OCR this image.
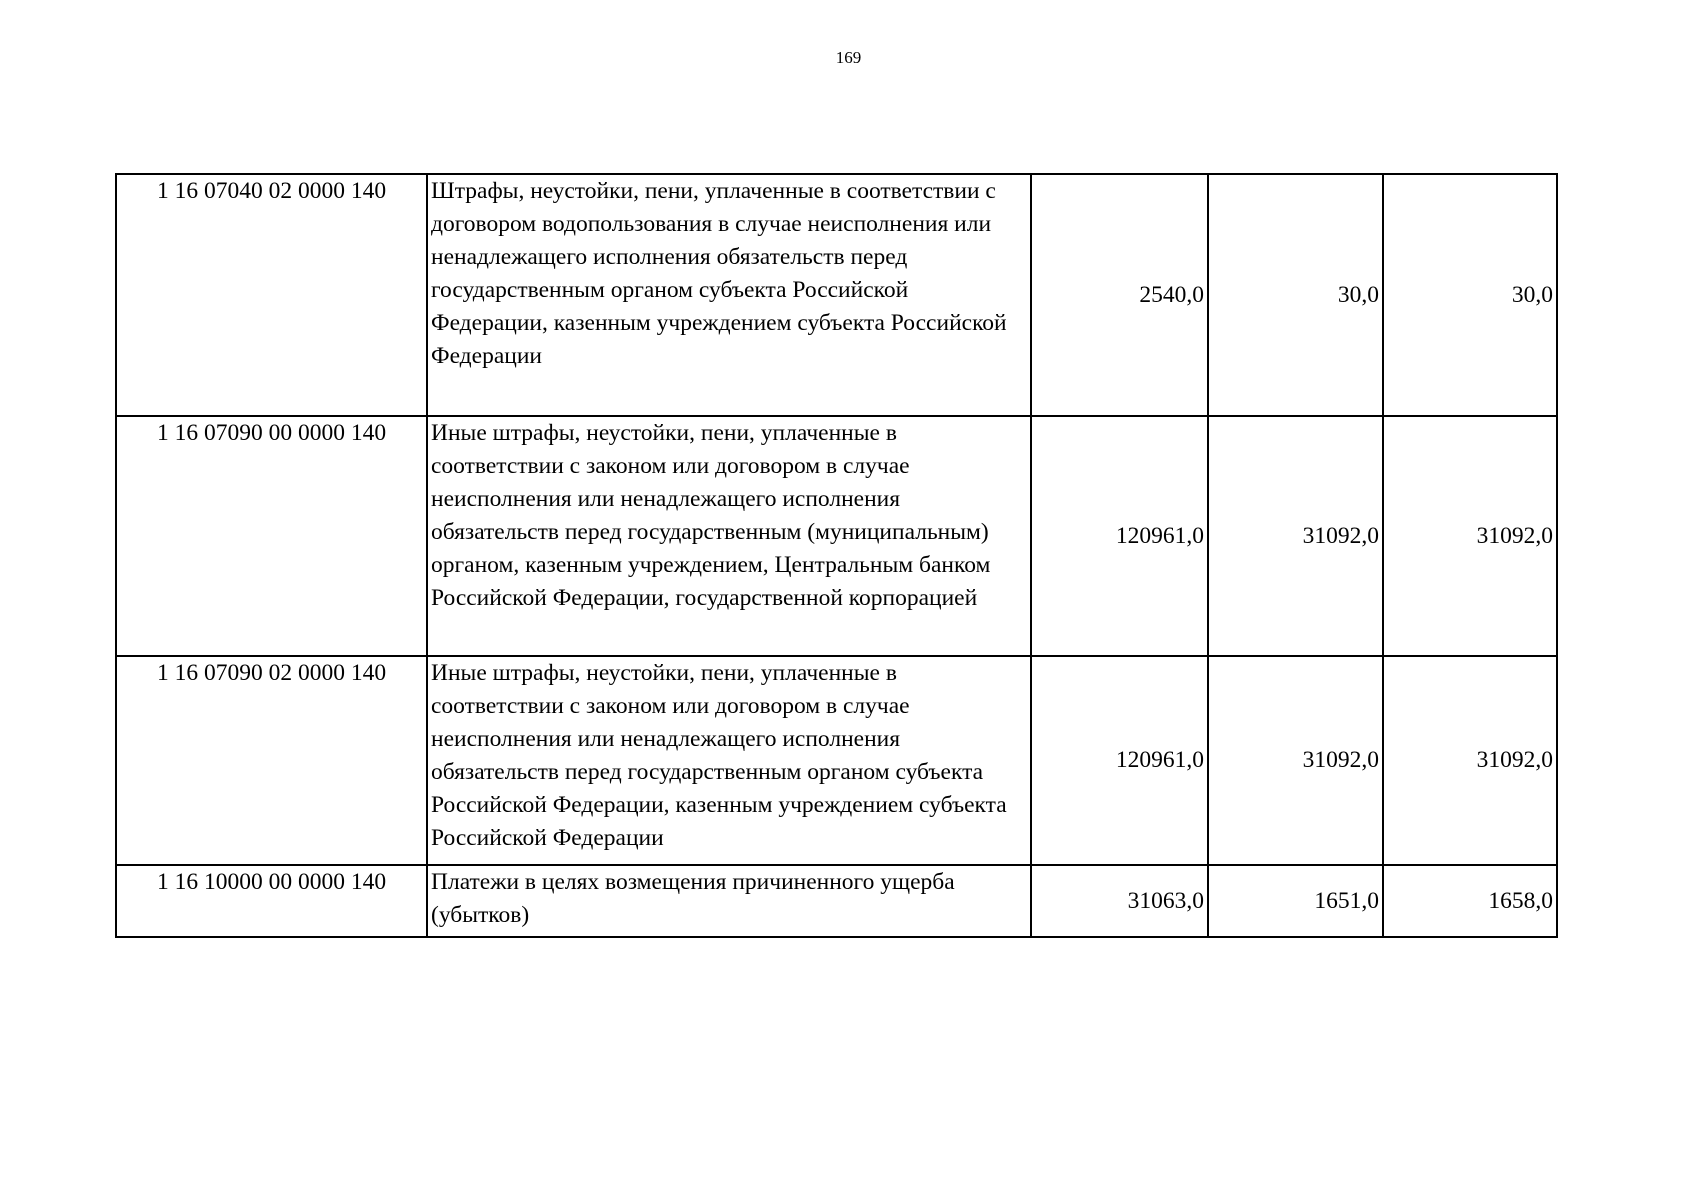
169
1 16 07040 02 0000 140	Штрафы, неустойки, пени, уплаченные в соответствии с договором водопользования в случае неисполнения или ненадлежащего исполнения обязательств перед государственным органом субъекта Российской Федерации, казенным учреждением субъекта Российской Федерации	2540,0	30,0	30,0
1 16 07090 00 0000 140	Иные штрафы, неустойки, пени, уплаченные в соответствии с законом или договором в случае неисполнения или ненадлежащего исполнения обязательств перед государственным (муниципальным) органом, казенным учреждением, Центральным банком Российской Федерации, государственной корпорацией	120961,0	31092,0	31092,0
1 16 07090 02 0000 140	Иные штрафы, неустойки, пени, уплаченные в соответствии с законом или договором в случае неисполнения или ненадлежащего исполнения обязательств перед государственным органом субъекта Российской Федерации, казенным учреждением субъекта Российской Федерации	120961,0	31092,0	31092,0
1 16 10000 00 0000 140	Платежи в целях возмещения причиненного ущерба (убытков)	31063,0	1651,0	1658,0
